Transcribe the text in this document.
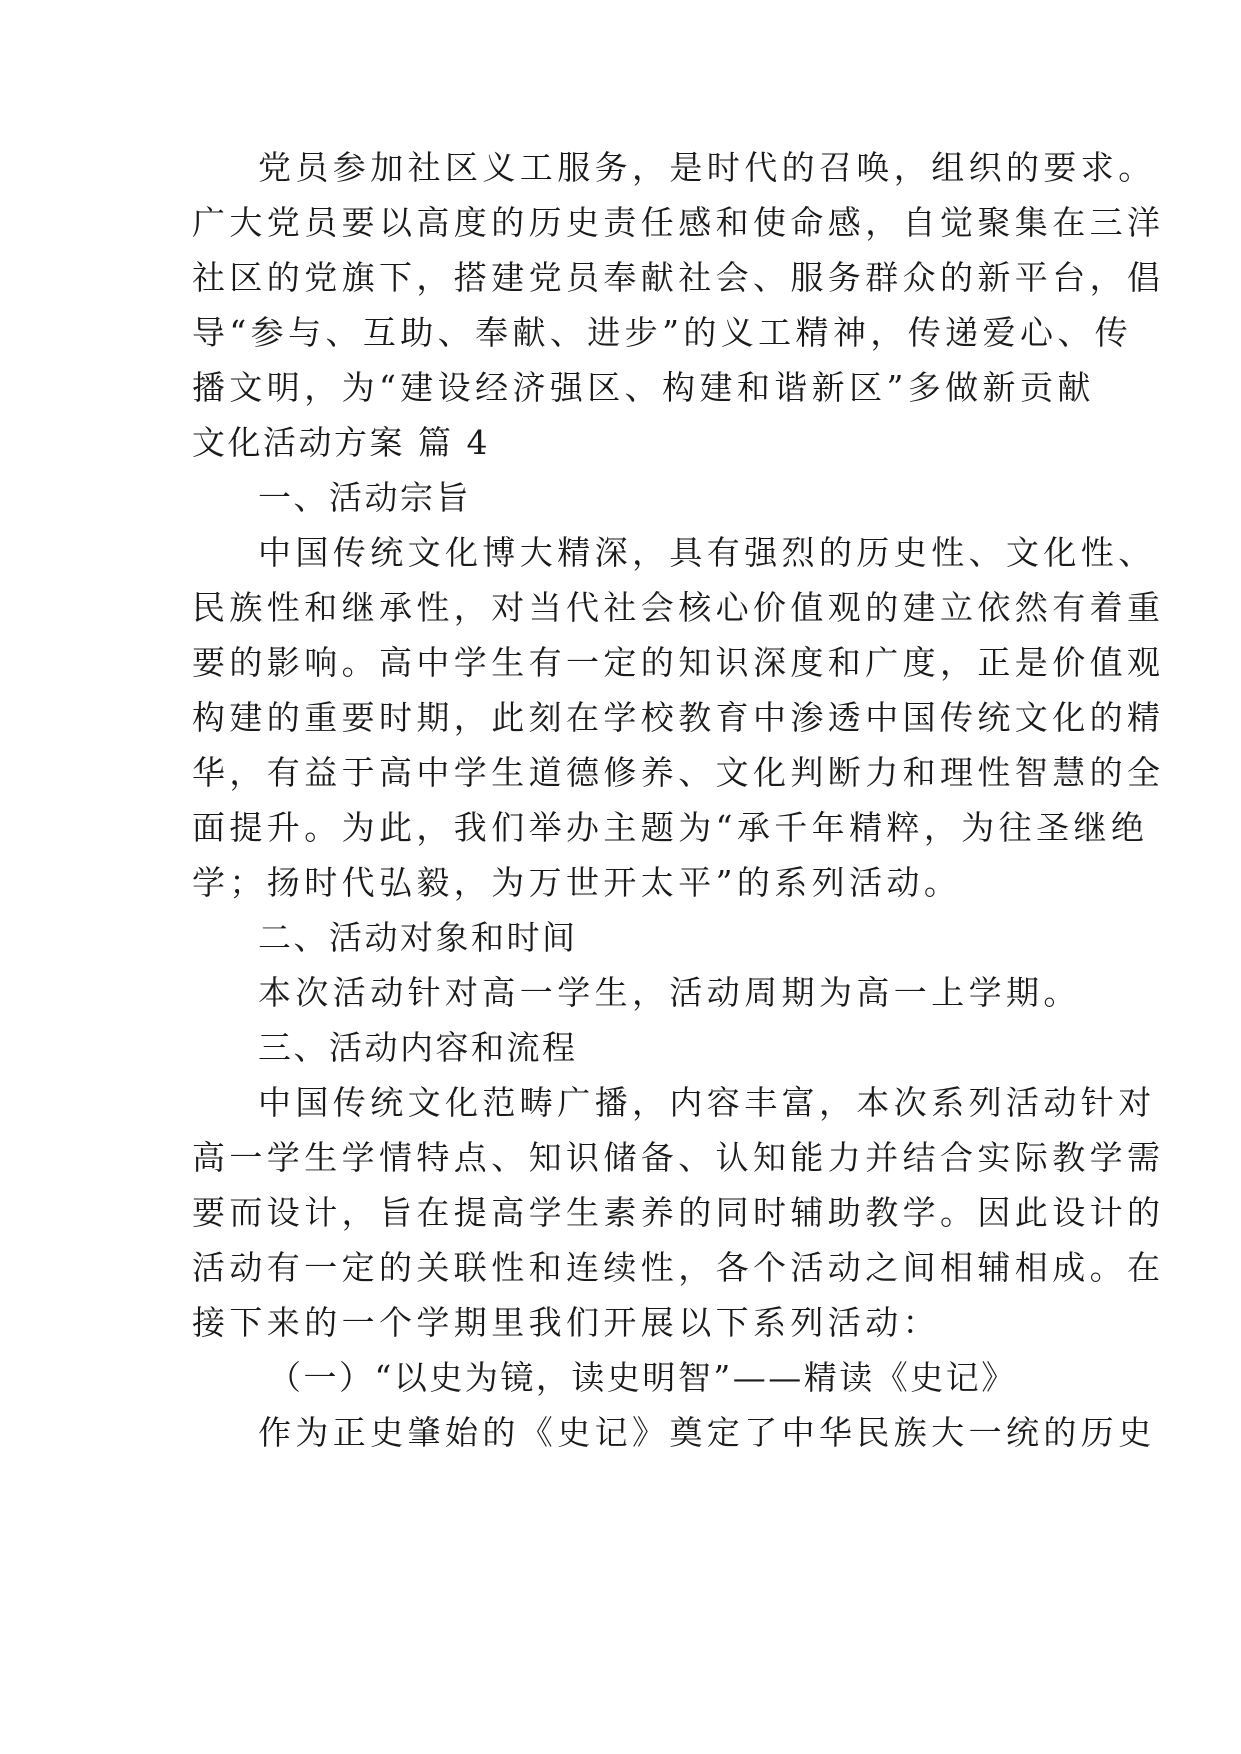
党员参加社区义工服务，是时代的召唤，组织的要求。
广大党员要以高度的历史责任感和使命感，自觉聚集在三洋
社区的党旗下，搭建党员奉献社会、服务群众的新平台，倡
导“参与、互助、奉献、进步”的义工精神，传递爱心、传
播文明，为“建设经济强区、构建和谐新区”多做新贡献
文化活动方案 篇 4
一、活动宗旨
中国传统文化博大精深，具有强烈的历史性、文化性、
民族性和继承性，对当代社会核心价值观的建立依然有着重
要的影响。高中学生有一定的知识深度和广度，正是价值观
构建的重要时期，此刻在学校教育中渗透中国传统文化的精
华，有益于高中学生道德修养、文化判断力和理性智慧的全
面提升。为此，我们举办主题为“承千年精粹，为往圣继绝
学；扬时代弘毅，为万世开太平”的系列活动。
二、活动对象和时间
本次活动针对高一学生，活动周期为高一上学期。
三、活动内容和流程
中国传统文化范畴广播，内容丰富，本次系列活动针对
高一学生学情特点、知识储备、认知能力并结合实际教学需
要而设计，旨在提高学生素养的同时辅助教学。因此设计的
活动有一定的关联性和连续性，各个活动之间相辅相成。在
接下来的一个学期里我们开展以下系列活动：
（一）“以史为镜，读史明智”——精读《史记》
作为正史肇始的《史记》奠定了中华民族大一统的历史
